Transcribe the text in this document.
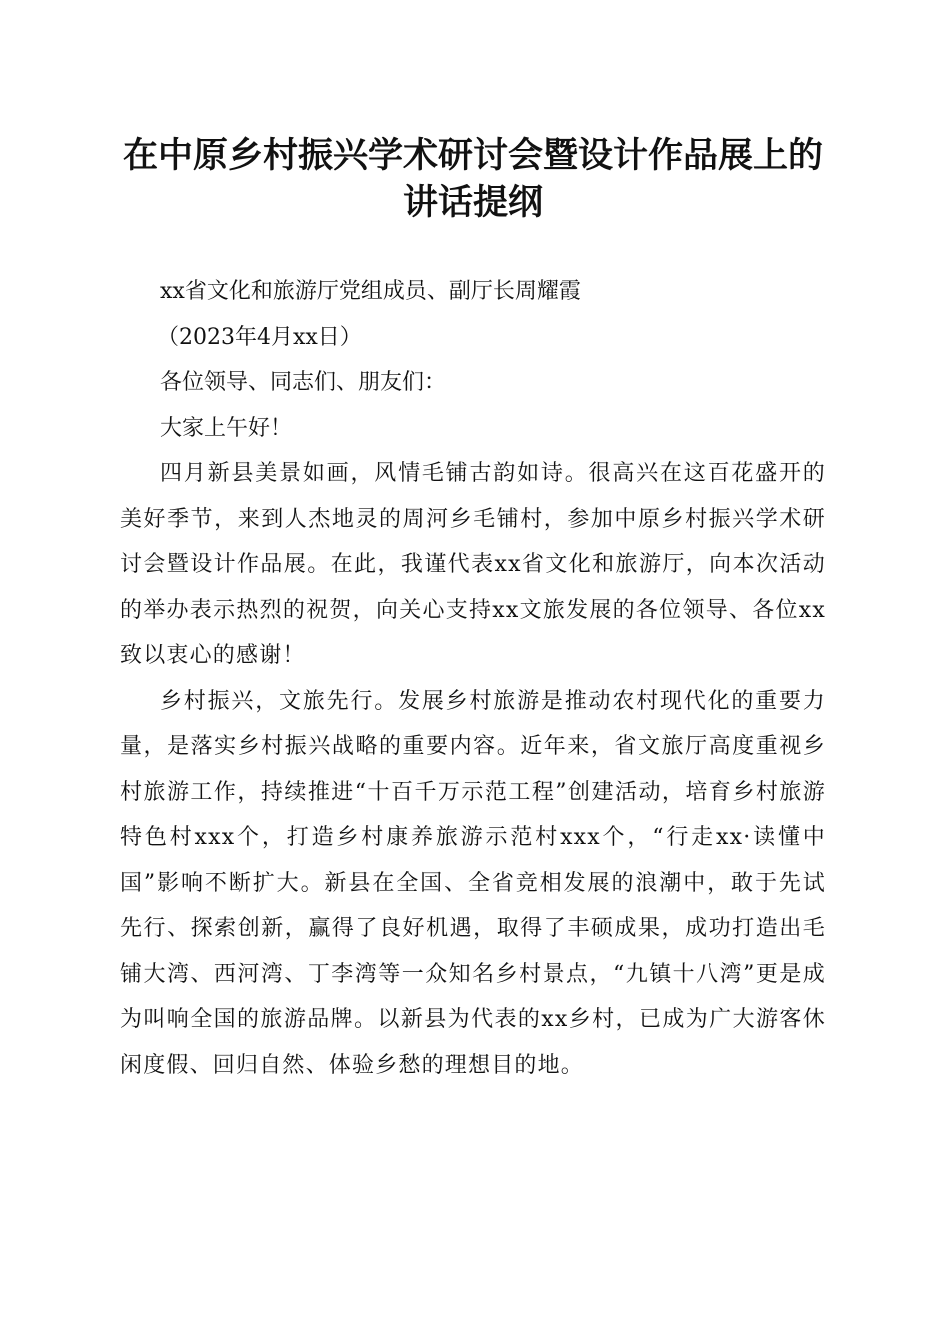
在中原乡村振兴学术研讨会暨设计作品展上的
讲话提纲

xx省文化和旅游厅党组成员、副厅长周耀霞

（2023年4月xx日）

各位领导、同志们、朋友们：

大家上午好！

四月新县美景如画，风情毛铺古韵如诗。很高兴在这百花盛开的美好季节，来到人杰地灵的周河乡毛铺村，参加中原乡村振兴学术研讨会暨设计作品展。在此，我谨代表xx省文化和旅游厅，向本次活动的举办表示热烈的祝贺，向关心支持xx文旅发展的各位领导、各位xx致以衷心的感谢！

乡村振兴，文旅先行。发展乡村旅游是推动农村现代化的重要力量，是落实乡村振兴战略的重要内容。近年来，省文旅厅高度重视乡村旅游工作，持续推进“十百千万示范工程”创建活动，培育乡村旅游特色村xxx个，打造乡村康养旅游示范村xxx个，“行走xx·读懂中国”影响不断扩大。新县在全国、全省竞相发展的浪潮中，敢于先试先行、探索创新，赢得了良好机遇，取得了丰硕成果，成功打造出毛铺大湾、西河湾、丁李湾等一众知名乡村景点，“九镇十八湾”更是成为叫响全国的旅游品牌。以新县为代表的xx乡村，已成为广大游客休闲度假、回归自然、体验乡愁的理想目的地。
